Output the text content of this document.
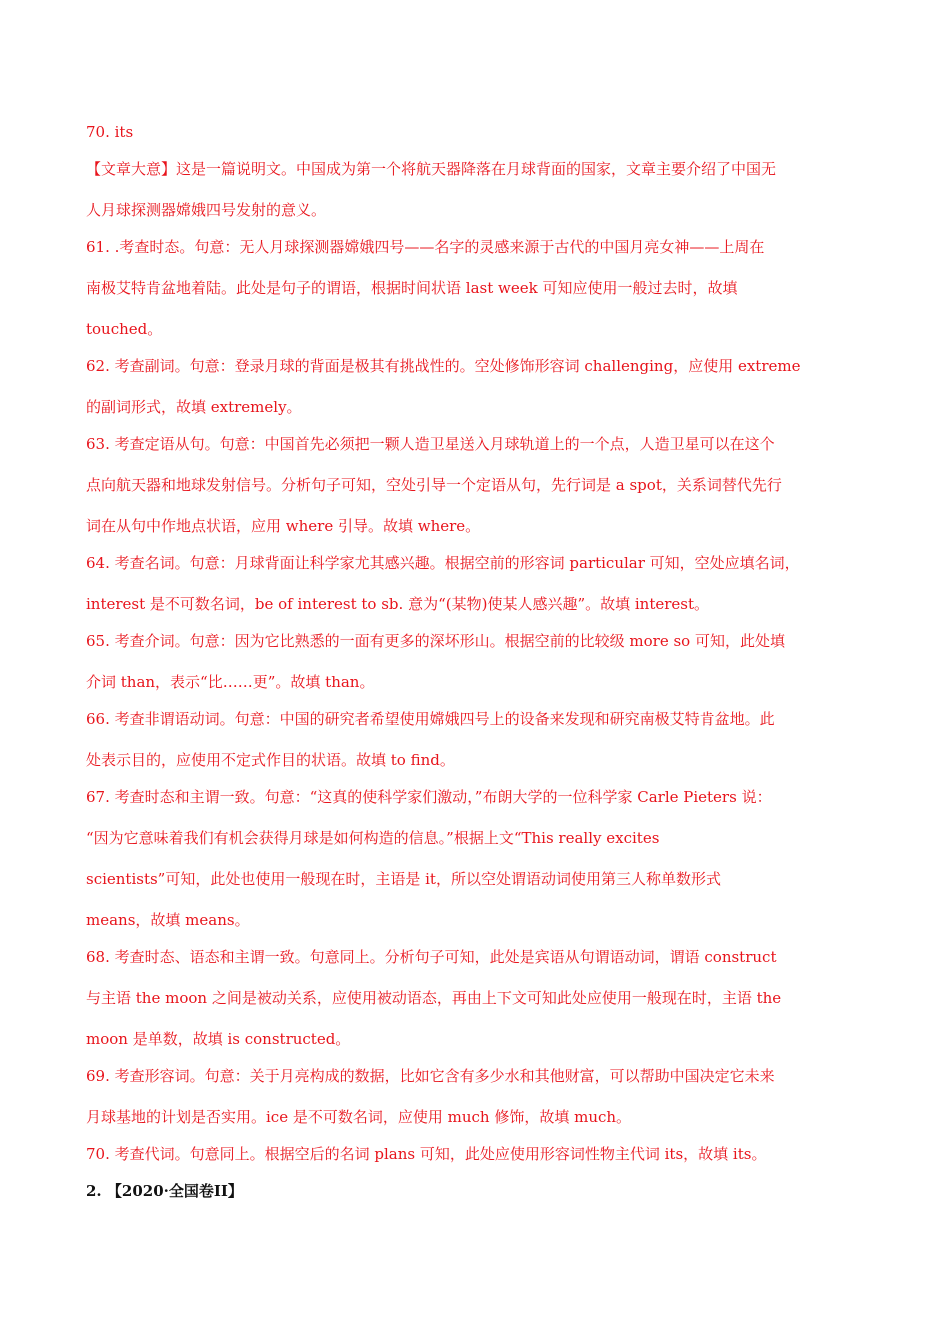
70. its
【文章大意】这是一篇说明文。中国成为第一个将航天器降落在月球背面的国家，文章主要介绍了中国无
人月球探测器嫦娥四号发射的意义。
61. .考查时态。句意：无人月球探测器嫦娥四号——名字的灵感来源于古代的中国月亮女神——上周在
南极艾特肯盆地着陆。此处是句子的谓语，根据时间状语 last week 可知应使用一般过去时，故填
touched。
62. 考查副词。句意：登录月球的背面是极其有挑战性的。空处修饰形容词 challenging，应使用 extreme
的副词形式，故填 extremely。
63. 考查定语从句。句意：中国首先必须把一颗人造卫星送入月球轨道上的一个点，人造卫星可以在这个
点向航天器和地球发射信号。分析句子可知，空处引导一个定语从句，先行词是 a spot，关系词替代先行
词在从句中作地点状语，应用 where 引导。故填 where。
64. 考查名词。句意：月球背面让科学家尤其感兴趣。根据空前的形容词 particular 可知，空处应填名词，
interest 是不可数名词，be of interest to sb. 意为“(某物)使某人感兴趣”。故填 interest。
65. 考查介词。句意：因为它比熟悉的一面有更多的深坏形山。根据空前的比较级 more so 可知，此处填
介词 than，表示“比……更”。故填 than。
66. 考查非谓语动词。句意：中国的研究者希望使用嫦娥四号上的设备来发现和研究南极艾特肯盆地。此
处表示目的，应使用不定式作目的状语。故填 to find。
67. 考查时态和主谓一致。句意：“这真的使科学家们激动，”布朗大学的一位科学家 Carle Pieters 说：
“因为它意味着我们有机会获得月球是如何构造的信息。”根据上文“This really excites
scientists”可知，此处也使用一般现在时，主语是 it，所以空处谓语动词使用第三人称单数形式
means，故填 means。
68. 考查时态、语态和主谓一致。句意同上。分析句子可知，此处是宾语从句谓语动词，谓语 construct
与主语 the moon 之间是被动关系，应使用被动语态，再由上下文可知此处应使用一般现在时，主语 the
moon 是单数，故填 is constructed。
69. 考查形容词。句意：关于月亮构成的数据，比如它含有多少水和其他财富，可以帮助中国决定它未来
月球基地的计划是否实用。ice 是不可数名词，应使用 much 修饰，故填 much。
70. 考查代词。句意同上。根据空后的名词 plans 可知，此处应使用形容词性物主代词 its，故填 its。
2. 【2020·全国卷II】
